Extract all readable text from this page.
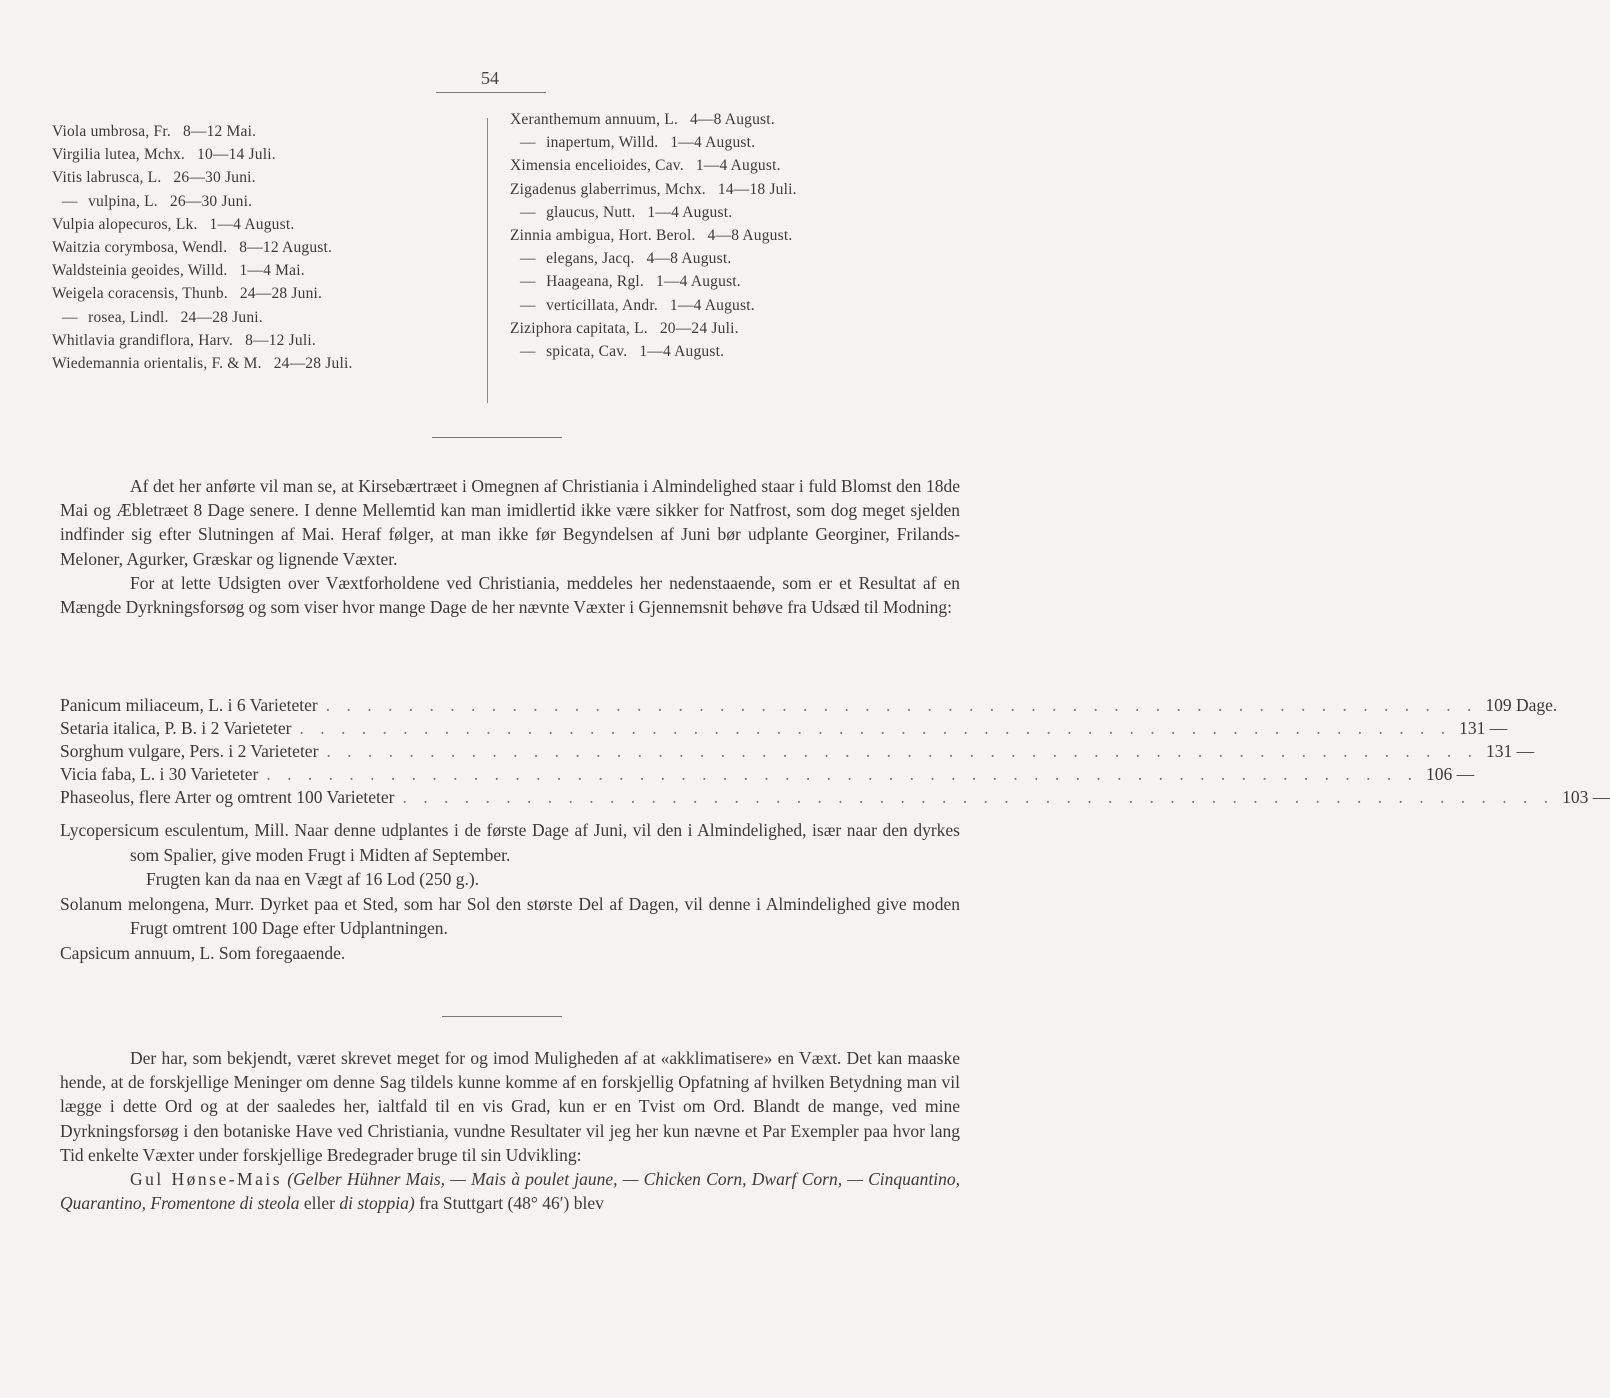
54
Viola umbrosa, Fr. 8—12 Mai.
Virgilia lutea, Mchx. 10—14 Juli.
Vitis labrusca, L. 26—30 Juni.
— vulpina, L. 26—30 Juni.
Vulpia alopecuros, Lk. 1—4 August.
Waitzia corymbosa, Wendl. 8—12 August.
Waldsteinia geoides, Willd. 1—4 Mai.
Weigela coracensis, Thunb. 24—28 Juni.
— rosea, Lindl. 24—28 Juni.
Whitlavia grandiflora, Harv. 8—12 Juli.
Wiedemannia orientalis, F. & M. 24—28 Juli.
Xeranthemum annuum, L. 4—8 August.
— inapertum, Willd. 1—4 August.
Ximensia encelioides, Cav. 1—4 August.
Zigadenus glaberrimus, Mchx. 14—18 Juli.
— glaucus, Nutt. 1—4 August.
Zinnia ambigua, Hort. Berol. 4—8 August.
— elegans, Jacq. 4—8 August.
— Haageana, Rgl. 1—4 August.
— verticillata, Andr. 1—4 August.
Ziziphora capitata, L. 20—24 Juli.
— spicata, Cav. 1—4 August.

Af det her anførte vil man se, at Kirsebærtræet i Omegnen af Christiania i Almindelighed staar i fuld Blomst den 18de Mai og Æbletræet 8 Dage senere. I denne Mellemtid kan man imidlertid ikke være sikker for Natfrost, som dog meget sjelden indfinder sig efter Slutningen af Mai. Heraf følger, at man ikke før Begyndelsen af Juni bør udplante Georginer, Frilands-Meloner, Agurker, Græskar og lignende Væxter.

For at lette Udsigten over Væxtforholdene ved Christiania, meddeles her nedenstaaende, som er et Resultat af en Mængde Dyrkningsforsøg og som viser hvor mange Dage de her nævnte Væxter i Gjennemsnit behøve fra Udsæd til Modning:

Panicum miliaceum, L. i 6 Varieteter . . . . . . . . . . . . . . . . . . . . . . . . . . . . . . . . . . . . . . . . . . . . . . . . . . . . . . . . 109 Dage.
Setaria italica, P. B. i 2 Varieteter . . . . . . . . . . . . . . . . . . . . . . . . . . . . . . . . . . . . . . . . . . . . . . . . . . . . . . . . 131 —
Sorghum vulgare, Pers. i 2 Varieteter . . . . . . . . . . . . . . . . . . . . . . . . . . . . . . . . . . . . . . . . . . . . . . . . . . . . . . . . 131 —
Vicia faba, L. i 30 Varieteter . . . . . . . . . . . . . . . . . . . . . . . . . . . . . . . . . . . . . . . . . . . . . . . . . . . . . . . . 106 —
Phaseolus, flere Arter og omtrent 100 Varieteter . . . . . . . . . . . . . . . . . . . . . . . . . . . . . . . . . . . . . . . . . . . . . . . . . . . . . . . . 103 —

Lycopersicum esculentum, Mill. Naar denne udplantes i de første Dage af Juni, vil den i Almindelighed, især naar den dyrkes som Spalier, give moden Frugt i Midten af September.

Frugten kan da naa en Vægt af 16 Lod (250 g.).

Solanum melongena, Murr. Dyrket paa et Sted, som har Sol den største Del af Dagen, vil denne i Almindelighed give moden Frugt omtrent 100 Dage efter Udplantningen.

Capsicum annuum, L. Som foregaaende.

Der har, som bekjendt, været skrevet meget for og imod Muligheden af at «akklimatisere» en Væxt. Det kan maaske hende, at de forskjellige Meninger om denne Sag tildels kunne komme af en forskjellig Opfatning af hvilken Betydning man vil lægge i dette Ord og at der saaledes her, ialtfald til en vis Grad, kun er en Tvist om Ord. Blandt de mange, ved mine Dyrkningsforsøg i den botaniske Have ved Christiania, vundne Resultater vil jeg her kun nævne et Par Exempler paa hvor lang Tid enkelte Væxter under forskjellige Bredegrader bruge til sin Udvikling:

Gul Hønse-Mais (Gelber Hühner Mais, — Mais à poulet jaune, — Chicken Corn, Dwarf Corn, — Cinquantino, Quarantino, Fromentone di steola eller di stoppia) fra Stuttgart (48° 46′) blev
